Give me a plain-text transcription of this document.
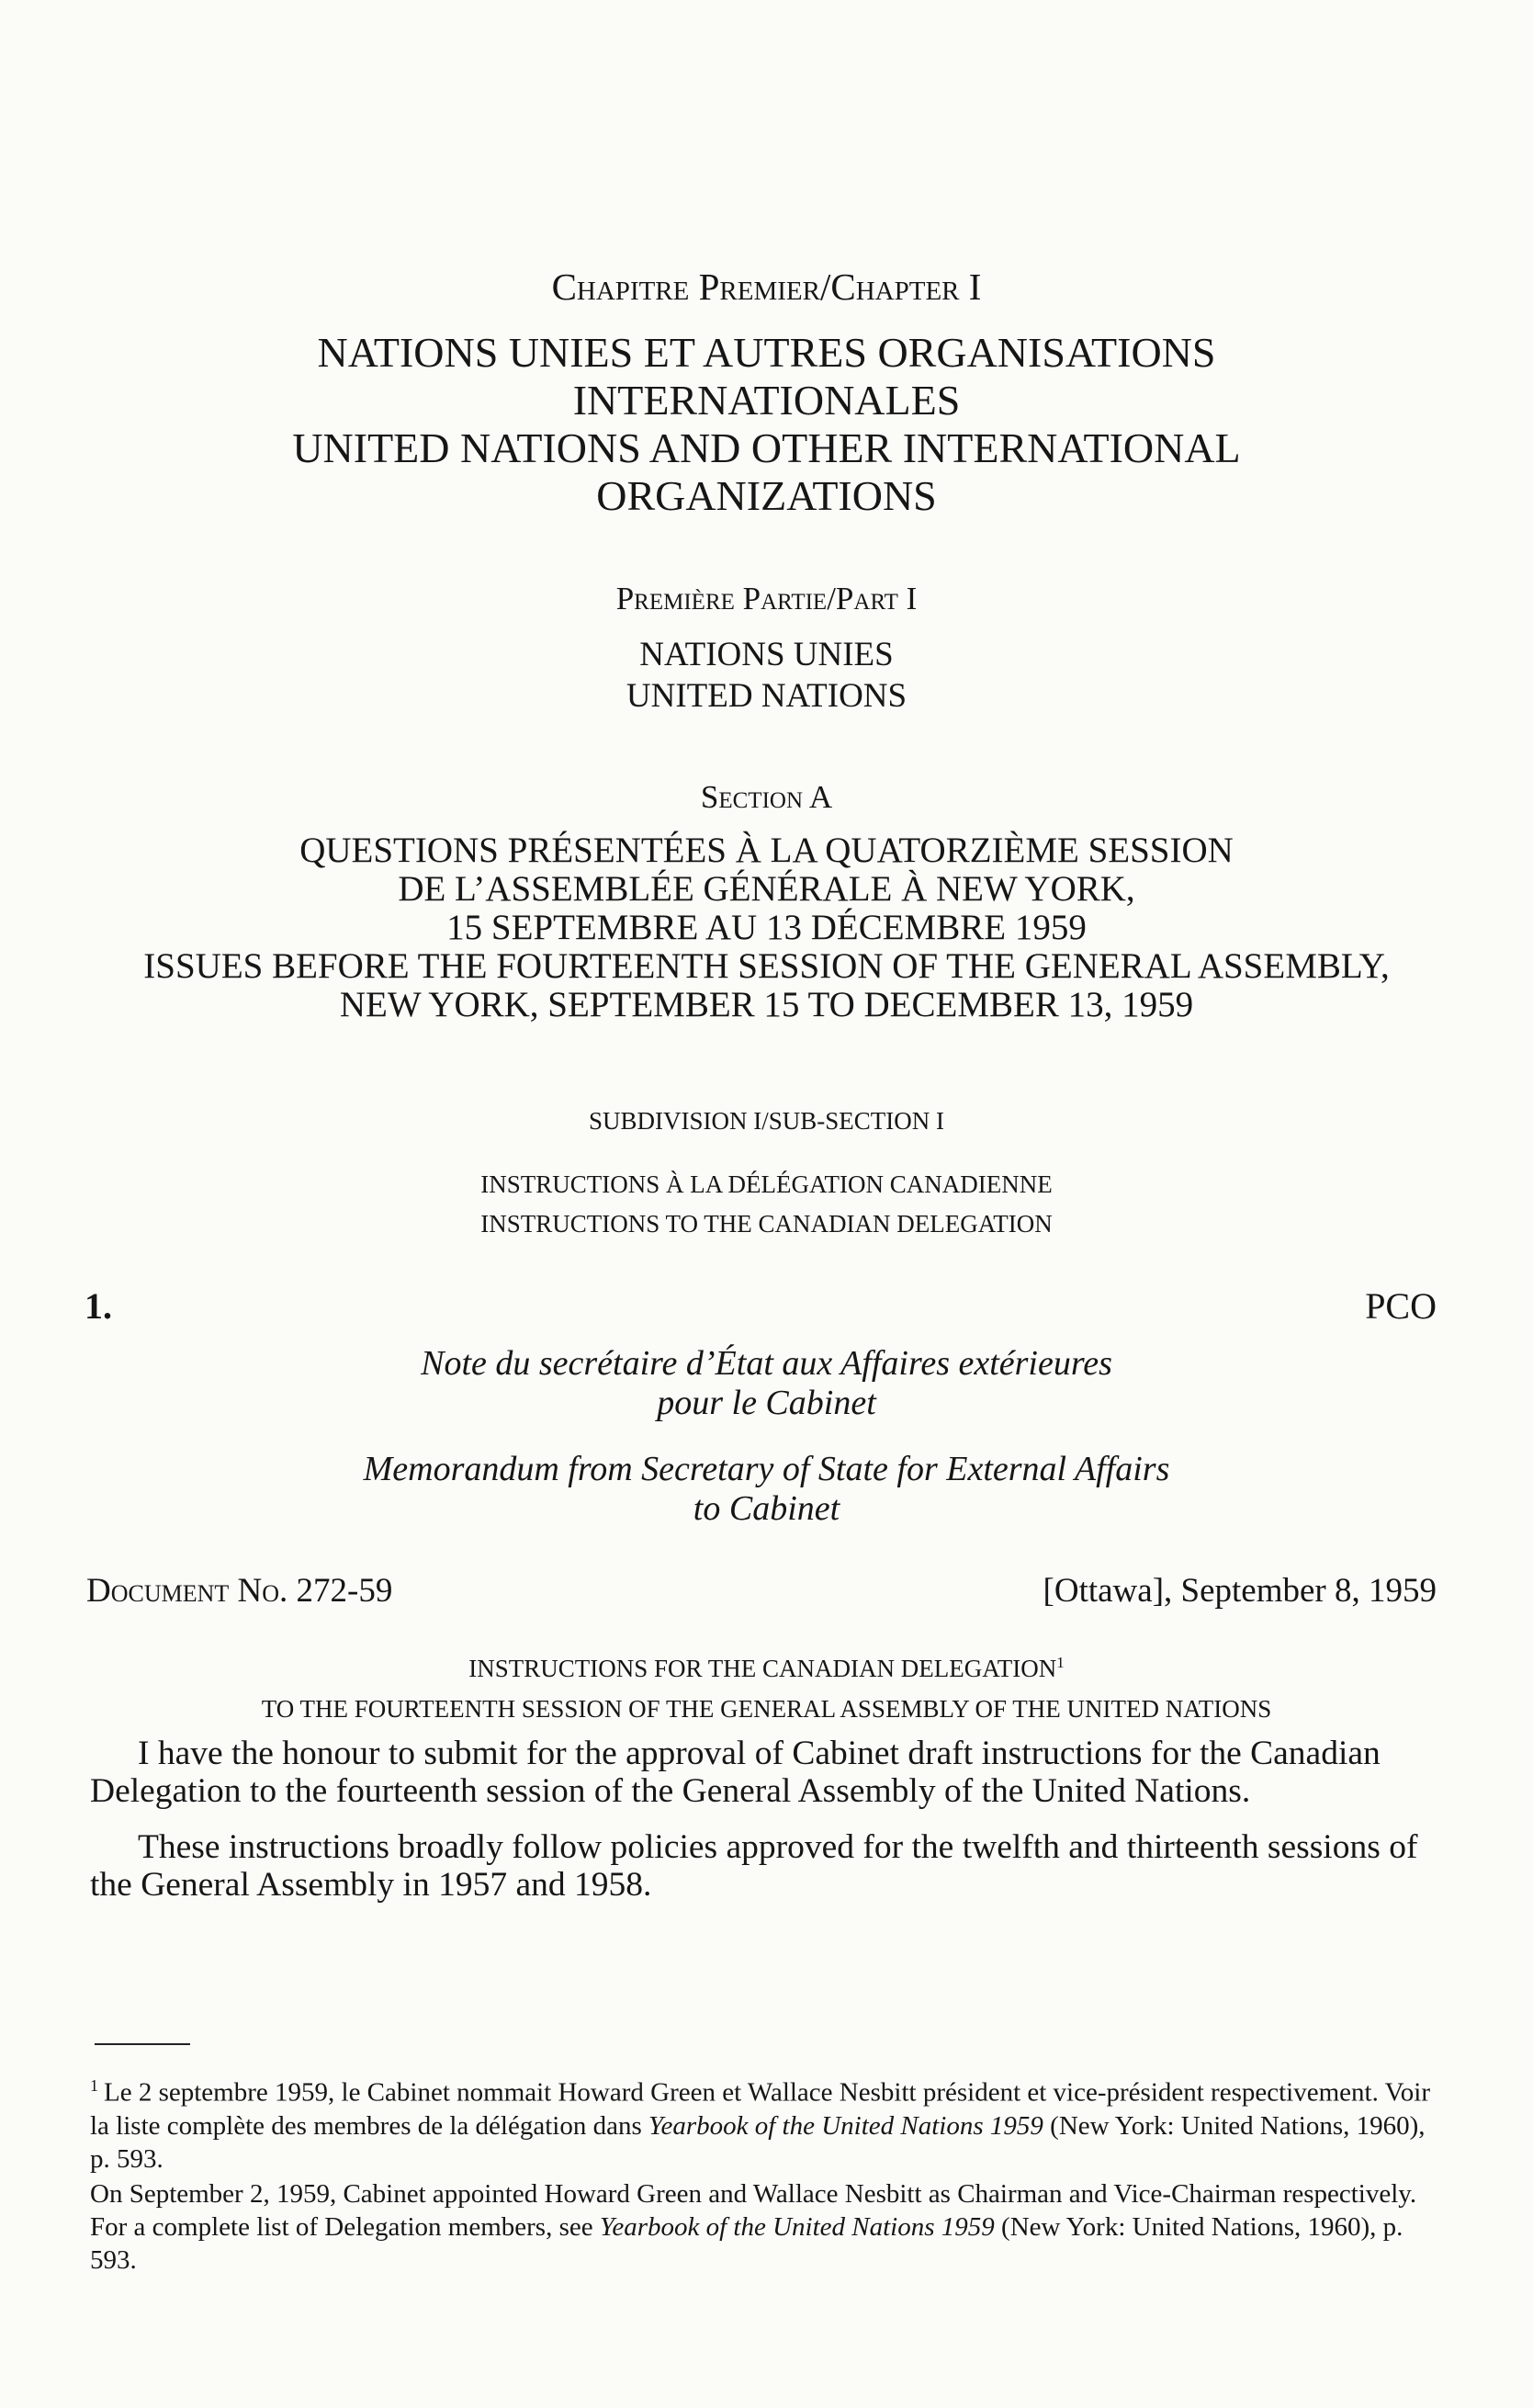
Chapitre Premier/Chapter I
NATIONS UNIES ET AUTRES ORGANISATIONS INTERNATIONALES
UNITED NATIONS AND OTHER INTERNATIONAL ORGANIZATIONS
Première Partie/Part I
NATIONS UNIES
UNITED NATIONS
Section A
QUESTIONS PRÉSENTÉES À LA QUATORZIÈME SESSION
DE L’ASSEMBLÉE GÉNÉRALE À NEW YORK,
15 SEPTEMBRE AU 13 DÉCEMBRE 1959
ISSUES BEFORE THE FOURTEENTH SESSION OF THE GENERAL ASSEMBLY,
NEW YORK, SEPTEMBER 15 TO DECEMBER 13, 1959
SUBDIVISION I/SUB-SECTION I
INSTRUCTIONS À LA DÉLÉGATION CANADIENNE
INSTRUCTIONS TO THE CANADIAN DELEGATION
1.	PCO
Note du secrétaire d’État aux Affaires extérieures
pour le Cabinet
Memorandum from Secretary of State for External Affairs
to Cabinet
Document No. 272-59	[Ottawa], September 8, 1959
INSTRUCTIONS FOR THE CANADIAN DELEGATION$^1$
TO THE FOURTEENTH SESSION OF THE GENERAL ASSEMBLY OF THE UNITED NATIONS
I have the honour to submit for the approval of Cabinet draft instructions for the Canadian Delegation to the fourteenth session of the General Assembly of the United Nations.
These instructions broadly follow policies approved for the twelfth and thirteenth sessions of the General Assembly in 1957 and 1958.
$^1$ Le 2 septembre 1959, le Cabinet nommait Howard Green et Wallace Nesbitt président et vice-président respectivement. Voir la liste complète des membres de la délégation dans Yearbook of the United Nations 1959 (New York: United Nations, 1960), p. 593.
On September 2, 1959, Cabinet appointed Howard Green and Wallace Nesbitt as Chairman and Vice-Chairman respectively. For a complete list of Delegation members, see Yearbook of the United Nations 1959 (New York: United Nations, 1960), p. 593.
